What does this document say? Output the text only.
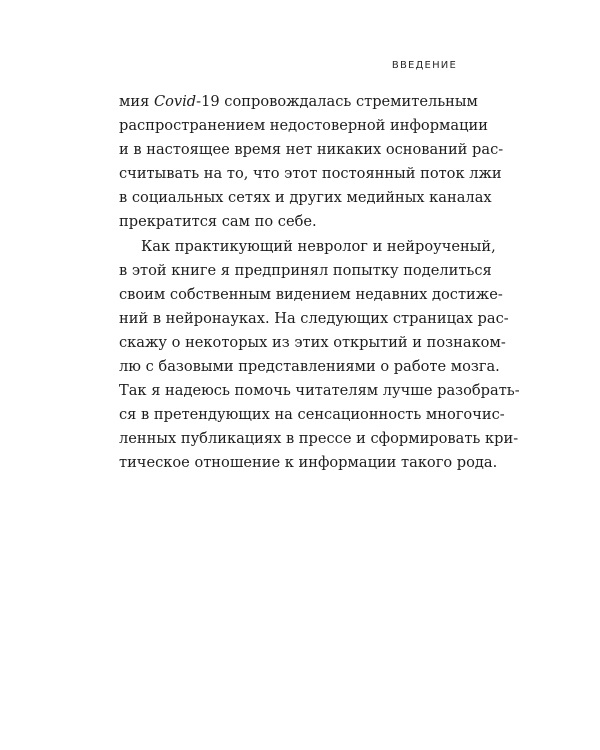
ВВЕДЕНИЕ
мия Covid-19 сопровождалась стремительным
распространением недостоверной информации
и в настоящее время нет никаких оснований рас-
считывать на то, что этот постоянный поток лжи
в социальных сетях и других медийных каналах
прекратится сам по себе.
Как практикующий невролог и нейроученый,
в этой книге я предпринял попытку поделиться
своим собственным видением недавних достиже-
ний в нейронауках. На следующих страницах рас-
скажу о некоторых из этих открытий и познаком-
лю с базовыми представлениями о работе мозга.
Так я надеюсь помочь читателям лучше разобрать-
ся в претендующих на сенсационность многочис-
ленных публикациях в прессе и сформировать кри-
тическое отношение к информации такого рода.
